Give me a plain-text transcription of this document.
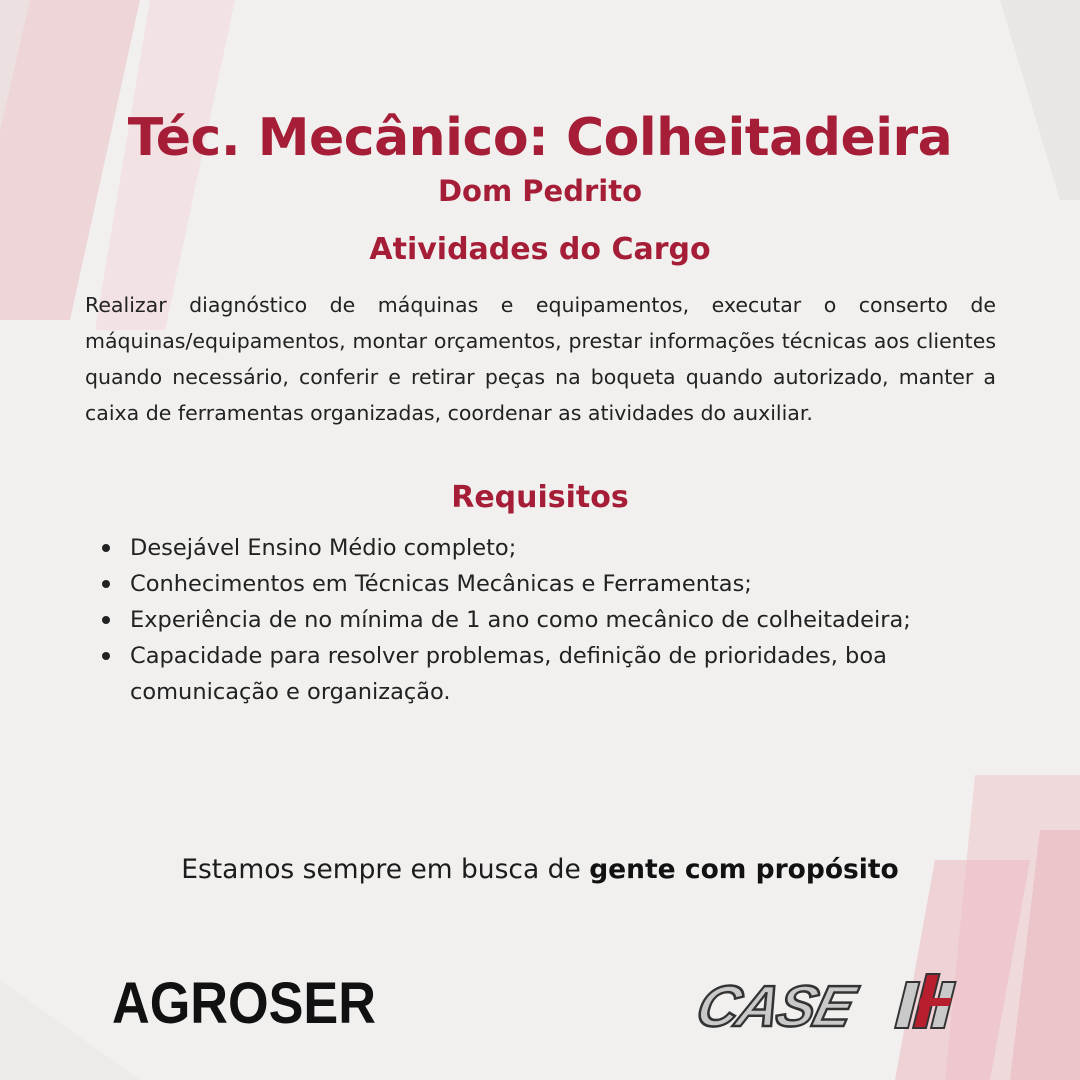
Téc. Mecânico: Colheitadeira
Dom Pedrito
Atividades do Cargo

Realizar diagnóstico de máquinas e equipamentos, executar o conserto de máquinas/equipamentos, montar orçamentos, prestar informações técnicas aos clientes quando necessário, conferir e retirar peças na boqueta quando autorizado, manter a caixa de ferramentas organizadas, coordenar as atividades do auxiliar.

Requisitos
Desejável Ensino Médio completo;
Conhecimentos em Técnicas Mecânicas e Ferramentas;
Experiência de no mínima de 1 ano como mecânico de colheitadeira;
Capacidade para resolver problemas, definição de prioridades, boa comunicação e organização.
Estamos sempre em busca de gente com propósito
AGROSER	CASE
